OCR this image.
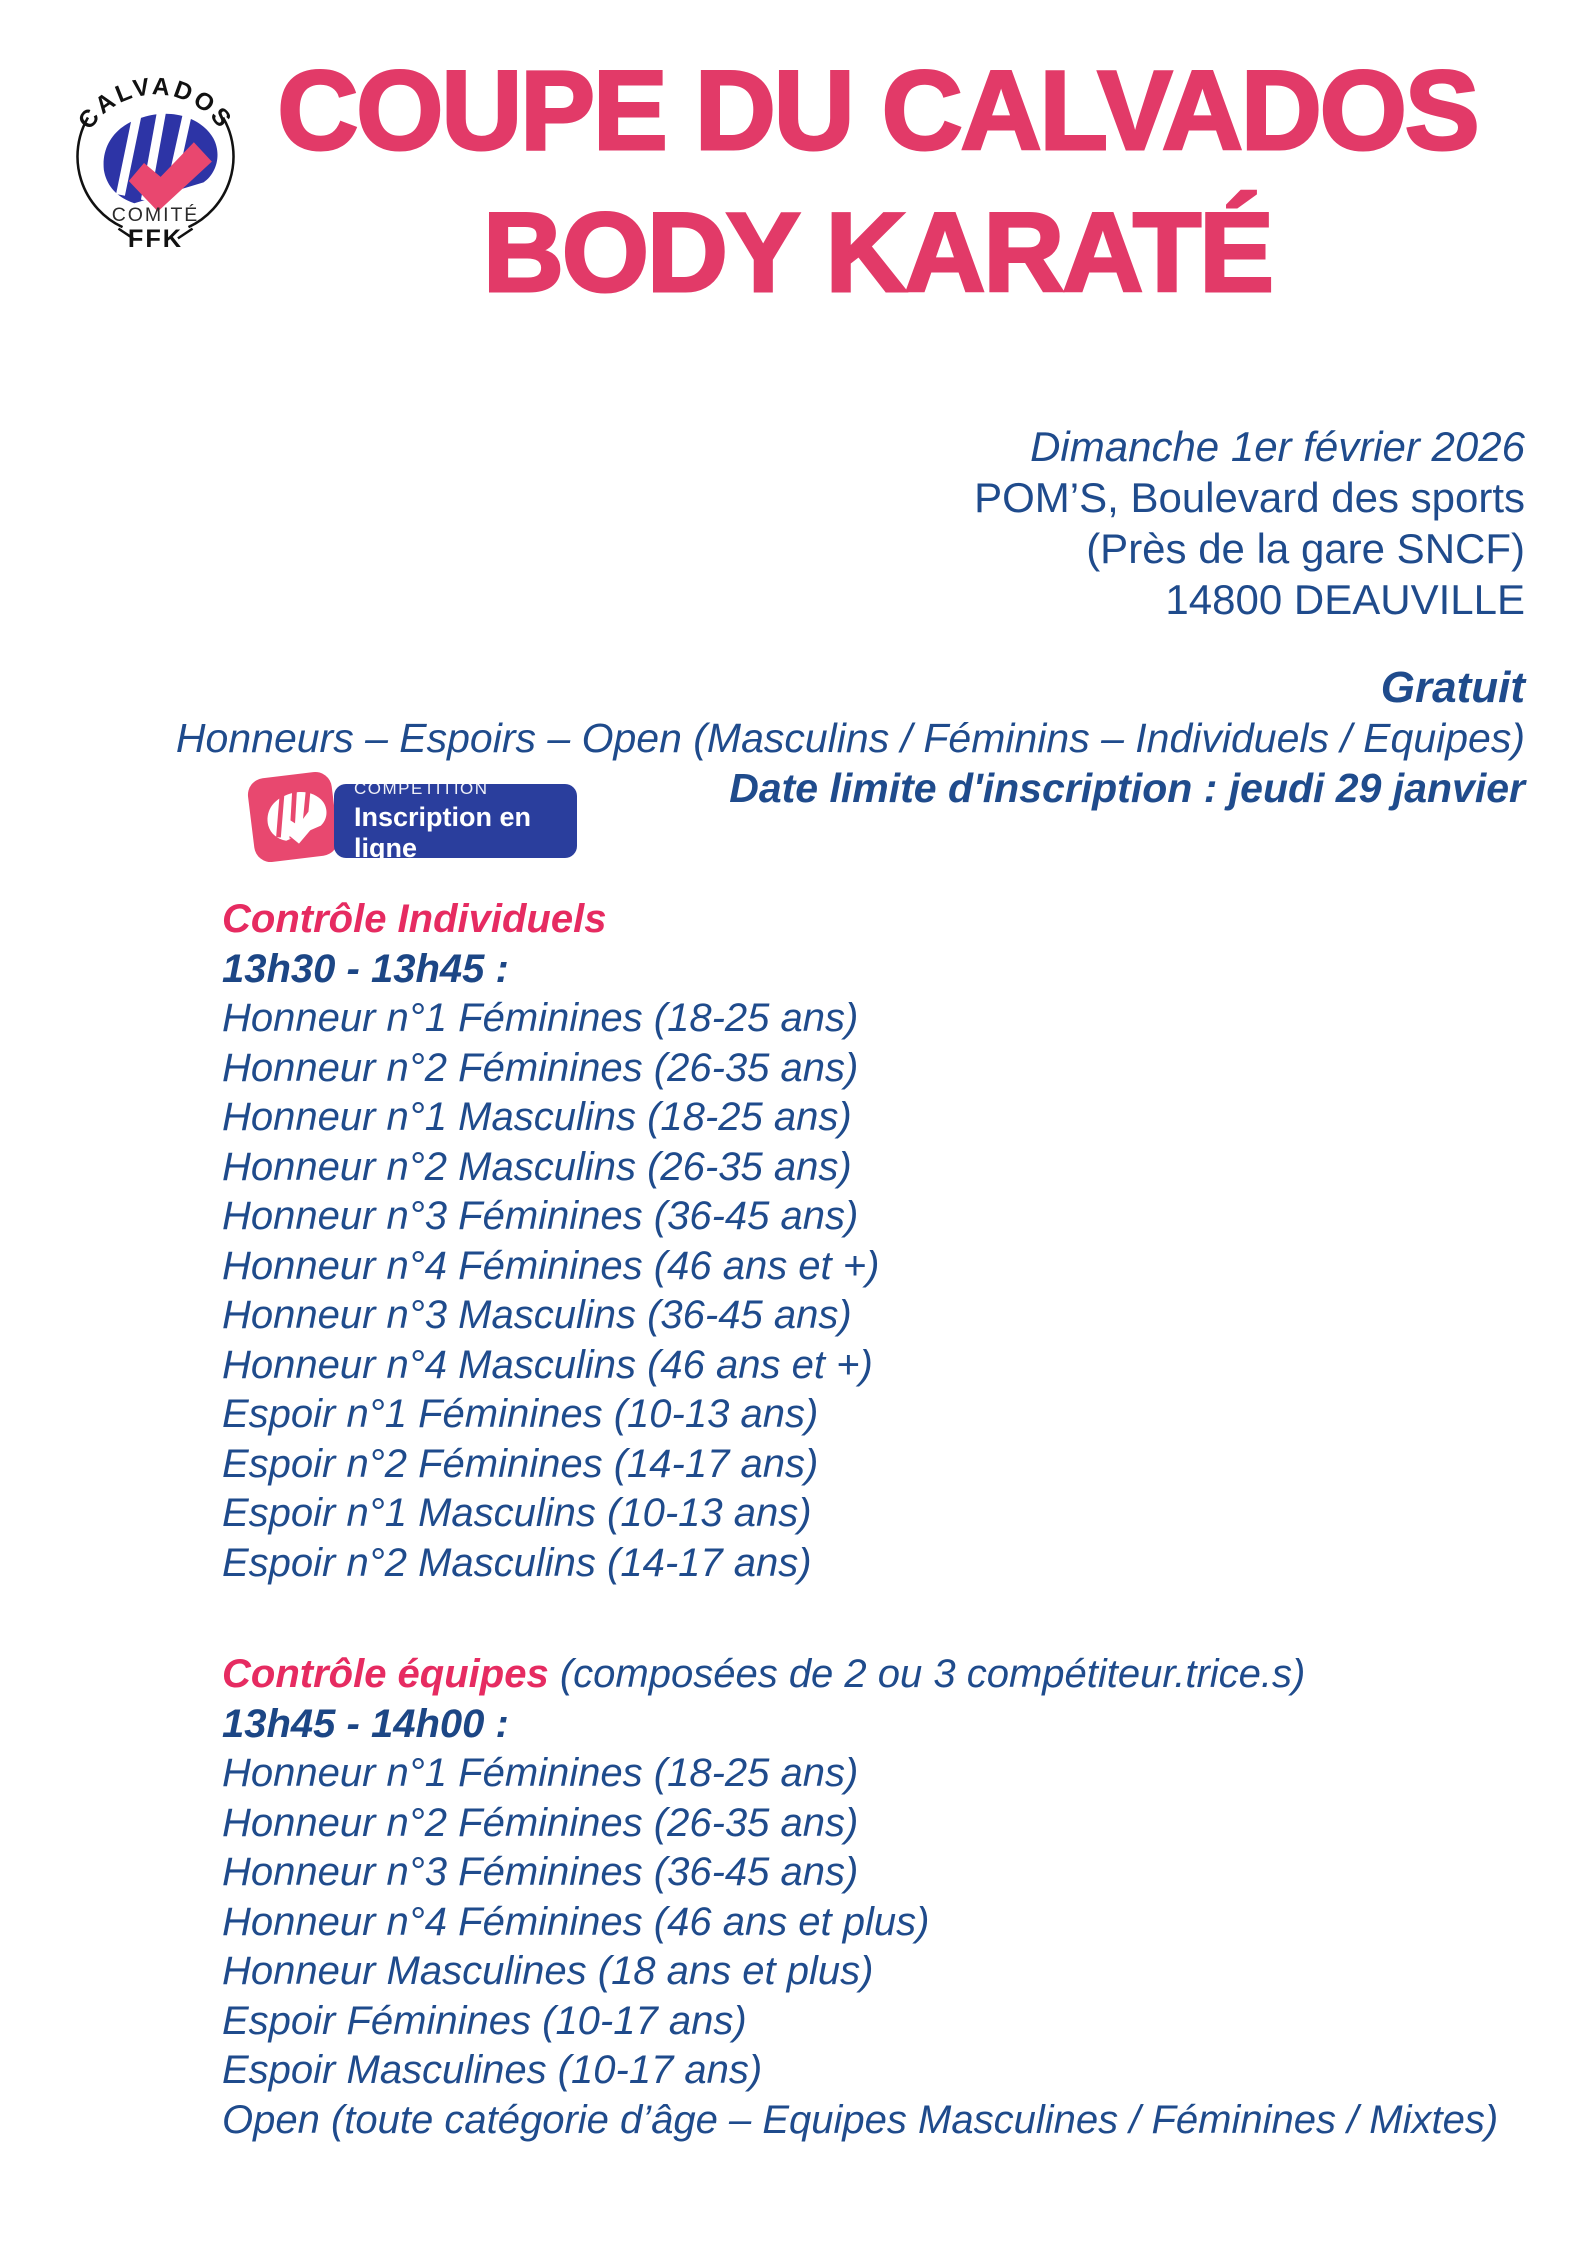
CALVADOS
COMITÉ
FFK
COUPE DU CALVADOS
BODY KARATÉ
Dimanche 1er février 2026
POM’S, Boulevard des sports
(Près de la gare SNCF)
14800 DEAUVILLE
Gratuit
Honneurs – Espoirs – Open (Masculins / Féminins – Individuels / Equipes)
Date limite d'inscription : jeudi 29 janvier
COMPÉTITION
Inscription en ligne
Contrôle Individuels
13h30 - 13h45 :
Honneur n°1 Féminines (18-25 ans)
Honneur n°2 Féminines (26-35 ans)
Honneur n°1 Masculins (18-25 ans)
Honneur n°2 Masculins (26-35 ans)
Honneur n°3 Féminines (36-45 ans)
Honneur n°4 Féminines (46 ans et +)
Honneur n°3 Masculins (36-45 ans)
Honneur n°4 Masculins (46 ans et +)
Espoir n°1 Féminines (10-13 ans)
Espoir n°2 Féminines (14-17 ans)
Espoir n°1 Masculins (10-13 ans)
Espoir n°2 Masculins (14-17 ans)
Contrôle équipes (composées de 2 ou 3 compétiteur.trice.s)
13h45 - 14h00 :
Honneur n°1 Féminines (18-25 ans)
Honneur n°2 Féminines (26-35 ans)
Honneur n°3 Féminines (36-45 ans)
Honneur n°4 Féminines (46 ans et plus)
Honneur Masculines (18 ans et plus)
Espoir Féminines (10-17 ans)
Espoir Masculines (10-17 ans)
Open (toute catégorie d’âge – Equipes Masculines / Féminines / Mixtes)
